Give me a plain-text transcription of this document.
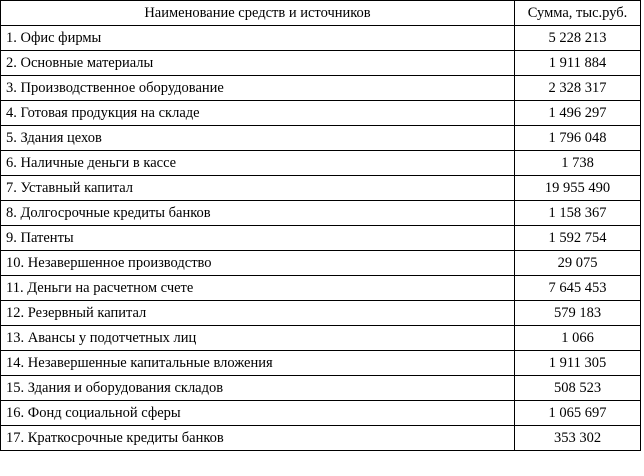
Наименование средств и источников	Сумма, тыс.руб.
1. Офис фирмы	5 228 213
2. Основные материалы	1 911 884
3. Производственное оборудование	2 328 317
4. Готовая продукция на складе	1 496 297
5. Здания цехов	1 796 048
6. Наличные деньги в кассе	1 738
7. Уставный капитал	19 955 490
8. Долгосрочные кредиты банков	1 158 367
9. Патенты	1 592 754
10. Незавершенное производство	29 075
11. Деньги на расчетном счете	7 645 453
12. Резервный капитал	579 183
13. Авансы у подотчетных лиц	1 066
14. Незавершенные капитальные вложения	1 911 305
15. Здания и оборудования складов	508 523
16. Фонд социальной сферы	1 065 697
17. Краткосрочные кредиты банков	353 302
